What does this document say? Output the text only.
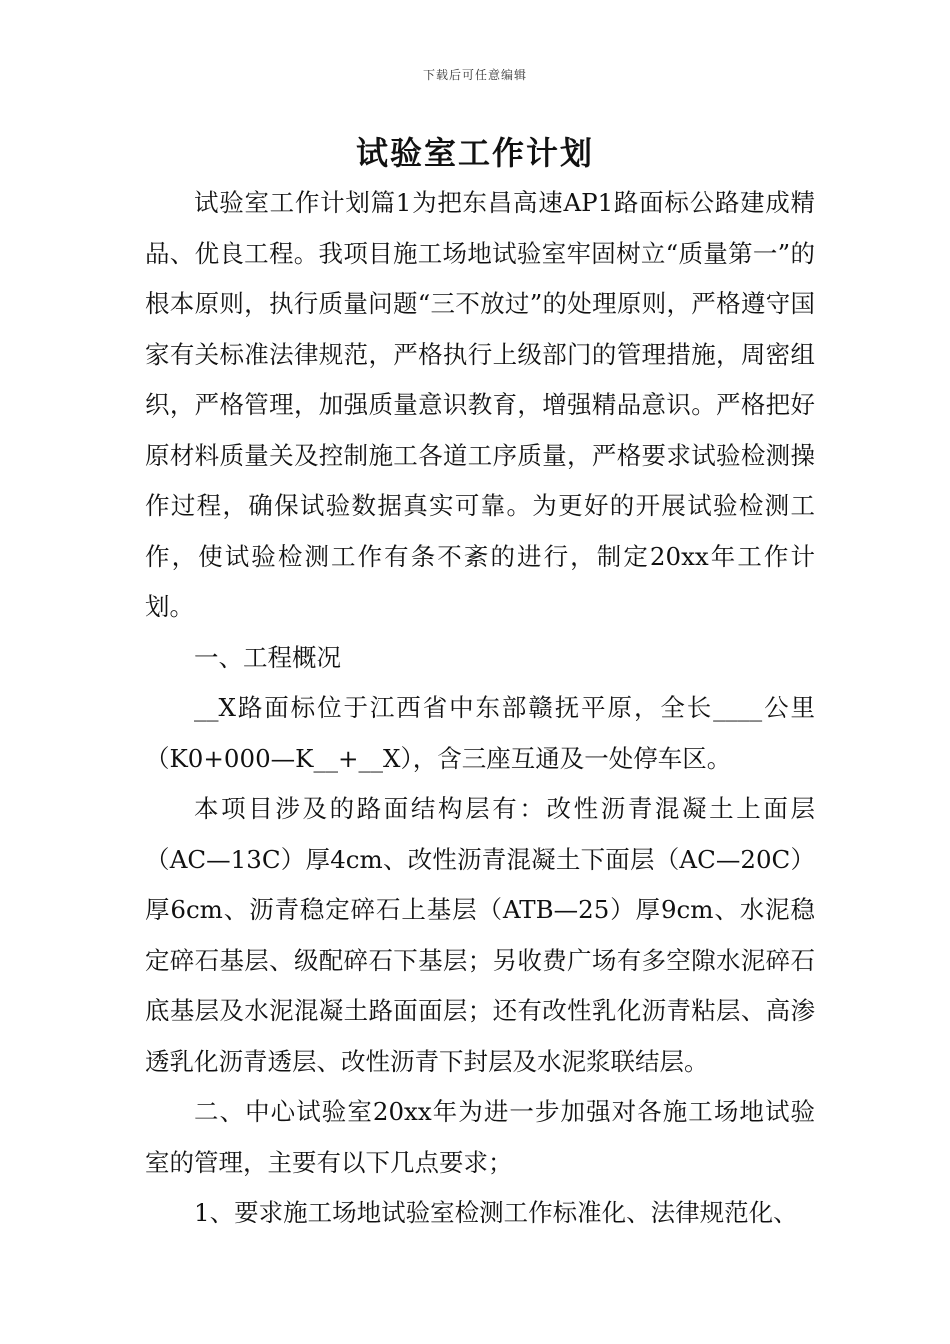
下载后可任意编辑
试验室工作计划

试验室工作计划篇1为把东昌高速AP1路面标公路建成精品、优良工程。我项目施工场地试验室牢固树立“质量第一”的根本原则，执行质量问题“三不放过”的处理原则，严格遵守国家有关标准法律规范，严格执行上级部门的管理措施，周密组织，严格管理，加强质量意识教育，增强精品意识。严格把好原材料质量关及控制施工各道工序质量，严格要求试验检测操作过程，确保试验数据真实可靠。为更好的开展试验检测工作，使试验检测工作有条不紊的进行，制定20xx年工作计划。

一、工程概况

__X路面标位于江西省中东部赣抚平原，全长____公里（K0+000—K__+__X），含三座互通及一处停车区。

本项目涉及的路面结构层有：改性沥青混凝土上面层（AC—13C）厚4cm、改性沥青混凝土下面层（AC—20C）厚6cm、沥青稳定碎石上基层（ATB—25）厚9cm、水泥稳定碎石基层、级配碎石下基层；另收费广场有多空隙水泥碎石底基层及水泥混凝土路面面层；还有改性乳化沥青粘层、高渗透乳化沥青透层、改性沥青下封层及水泥浆联结层。

二、中心试验室20xx年为进一步加强对各施工场地试验室的管理，主要有以下几点要求；

1、要求施工场地试验室检测工作标准化、法律规范化、
